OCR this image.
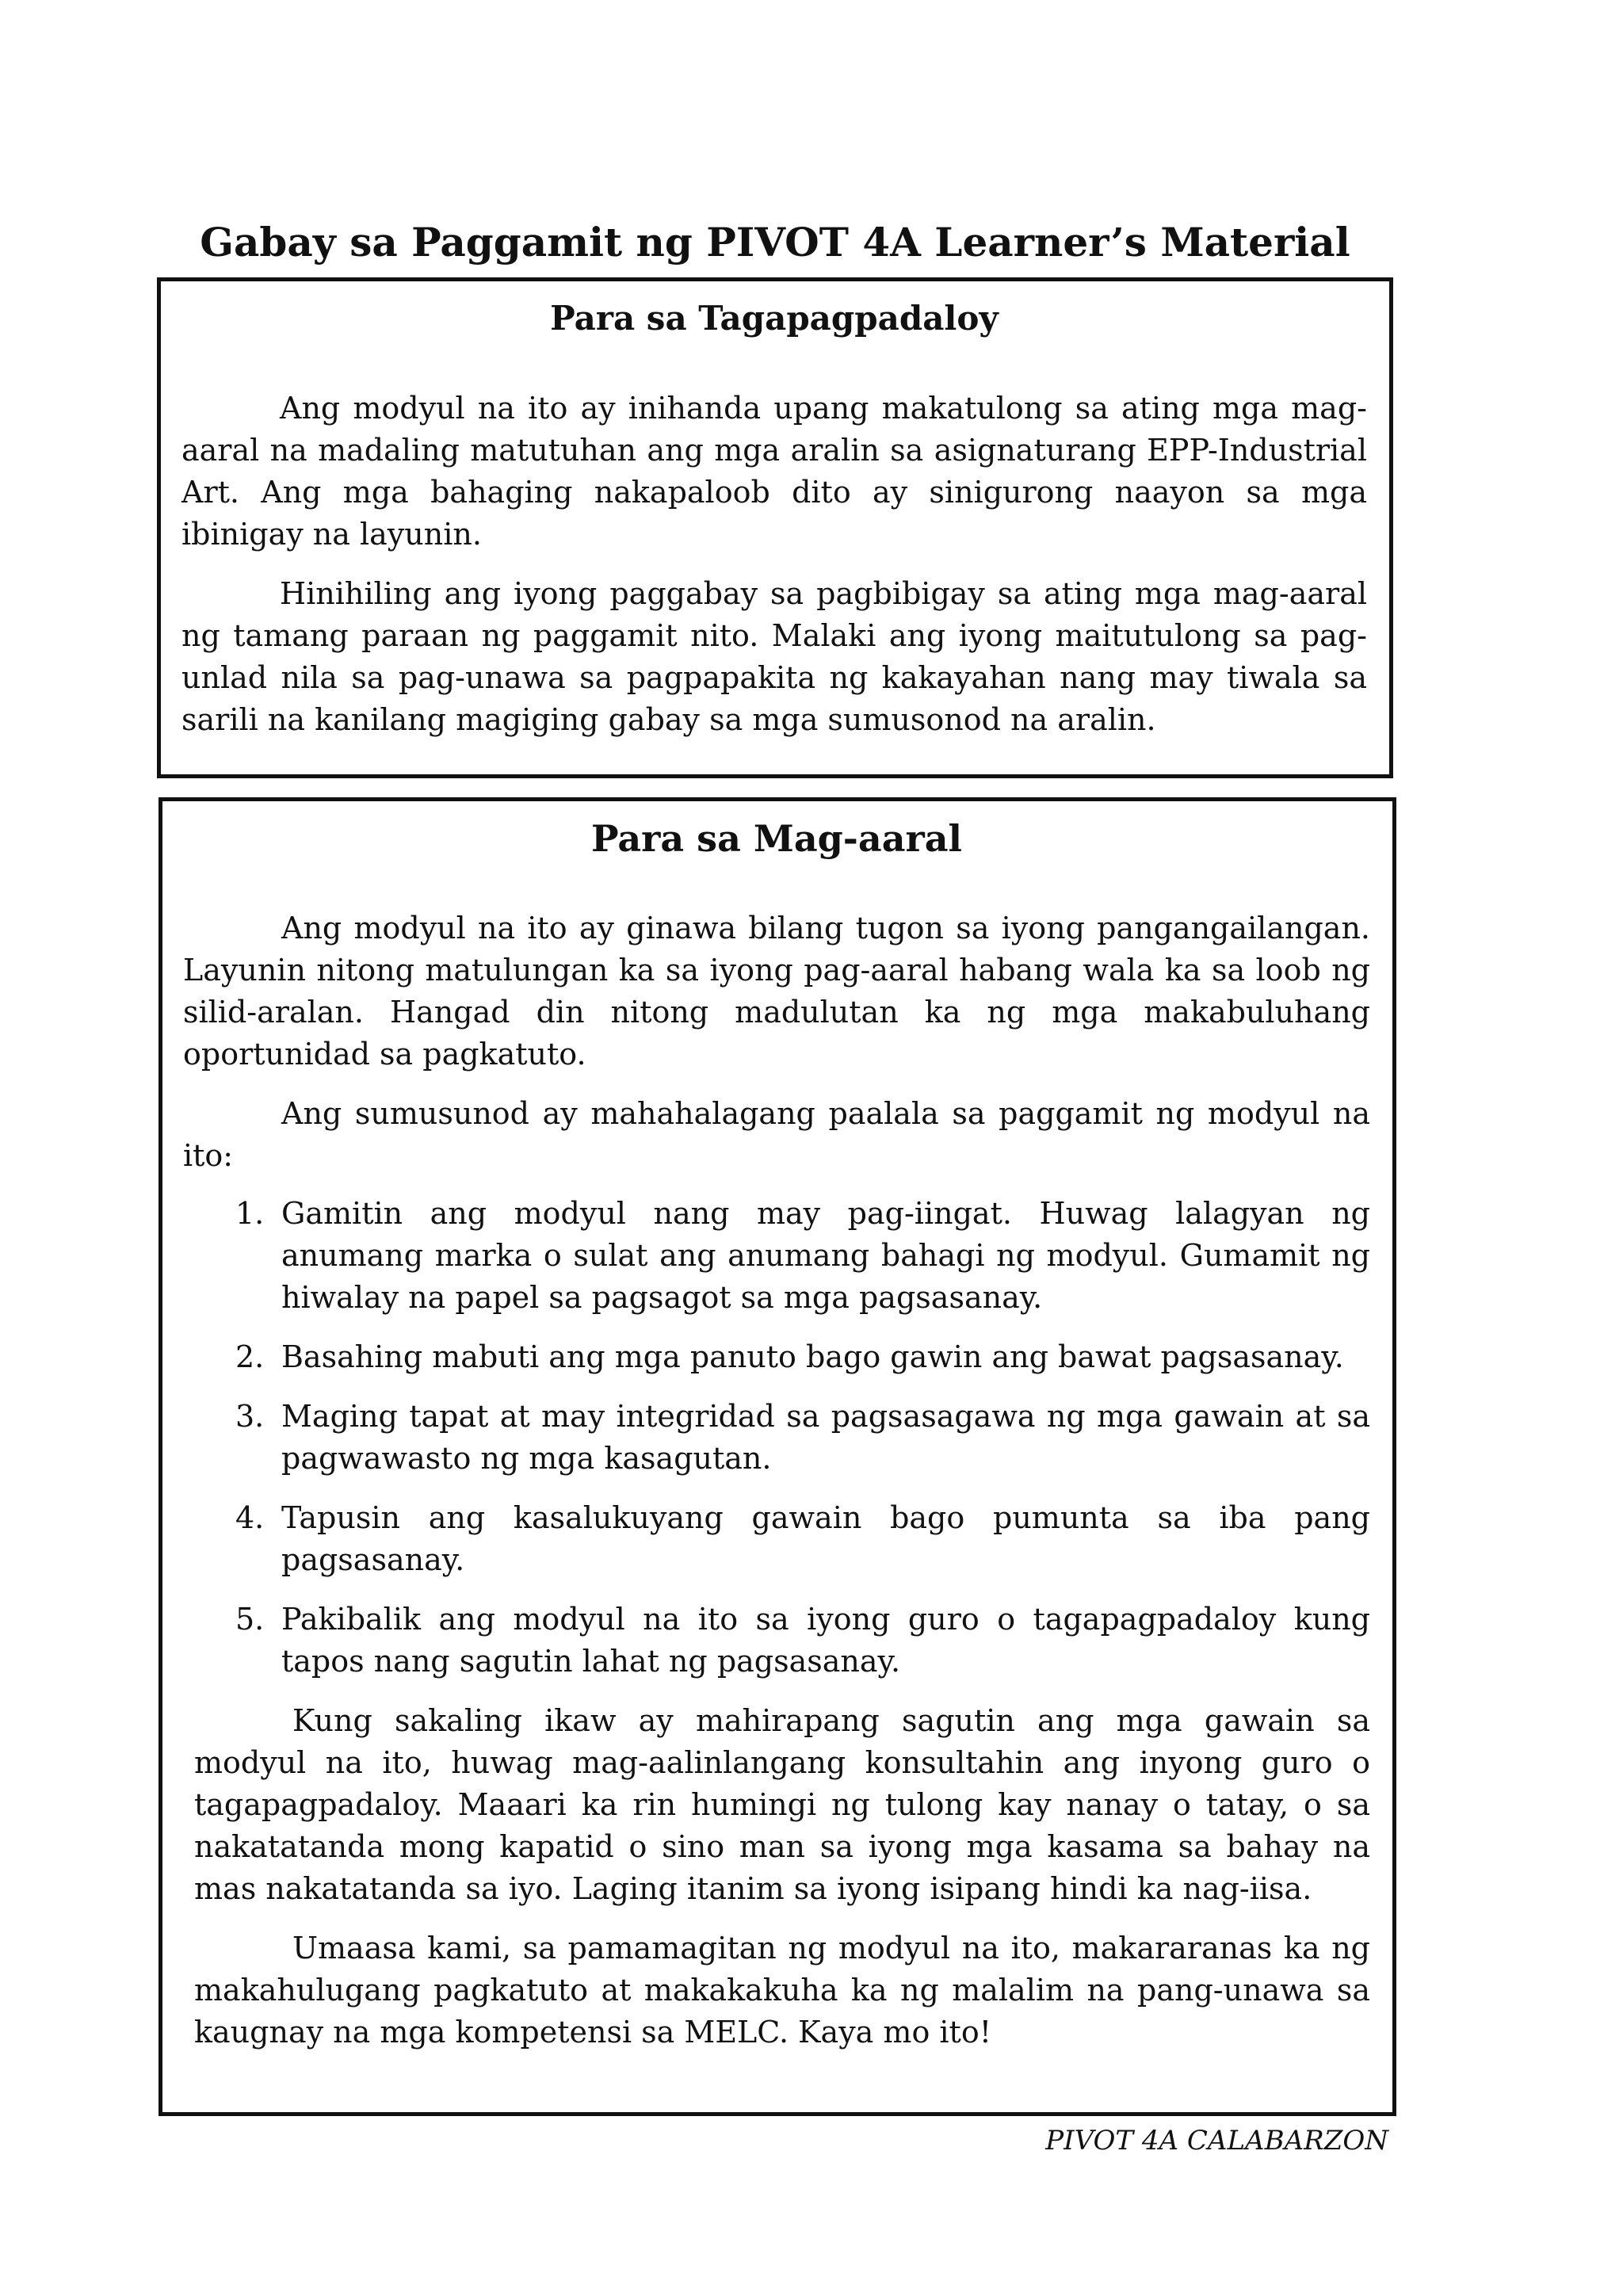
Gabay sa Paggamit ng PIVOT 4A Learner’s Material
Para sa Tagapagpadaloy

Ang modyul na ito ay inihanda upang makatulong sa ating mga mag-aaral na madaling matutuhan ang mga aralin sa asignaturang EPP-Industrial Art. Ang mga bahaging nakapaloob dito ay sinigurong naayon sa mga ibinigay na layunin.

Hinihiling ang iyong paggabay sa pagbibigay sa ating mga mag-aaral ng tamang paraan ng paggamit nito. Malaki ang iyong maitutulong sa pag-unlad nila sa pag-unawa sa pagpapakita ng kakayahan nang may tiwala sa sarili na kanilang magiging gabay sa mga sumusonod na aralin.

Para sa Mag-aaral

Ang modyul na ito ay ginawa bilang tugon sa iyong pangangailangan. Layunin nitong matulungan ka sa iyong pag-aaral habang wala ka sa loob ng silid-aralan. Hangad din nitong madulutan ka ng mga makabuluhang oportunidad sa pagkatuto.

Ang sumusunod ay mahahalagang paalala sa paggamit ng modyul na ito:

1. Gamitin ang modyul nang may pag-iingat. Huwag lalagyan ng anumang marka o sulat ang anumang bahagi ng modyul. Gumamit ng hiwalay na papel sa pagsagot sa mga pagsasanay.
2. Basahing mabuti ang mga panuto bago gawin ang bawat pagsasanay.
3. Maging tapat at may integridad sa pagsasagawa ng mga gawain at sa pagwawasto ng mga kasagutan.
4. Tapusin ang kasalukuyang gawain bago pumunta sa iba pang pagsasanay.
5. Pakibalik ang modyul na ito sa iyong guro o tagapagpadaloy kung tapos nang sagutin lahat ng pagsasanay.

Kung sakaling ikaw ay mahirapang sagutin ang mga gawain sa modyul na ito, huwag mag-aalinlangang konsultahin ang inyong guro o tagapagpadaloy. Maaari ka rin humingi ng tulong kay nanay o tatay, o sa nakatatanda mong kapatid o sino man sa iyong mga kasama sa bahay na mas nakatatanda sa iyo. Laging itanim sa iyong isipang hindi ka nag-iisa.

Umaasa kami, sa pamamagitan ng modyul na ito, makararanas ka ng makahulugang pagkatuto at makakakuha ka ng malalim na pang-unawa sa kaugnay na mga kompetensi sa MELC. Kaya mo ito!

PIVOT 4A CALABARZON
